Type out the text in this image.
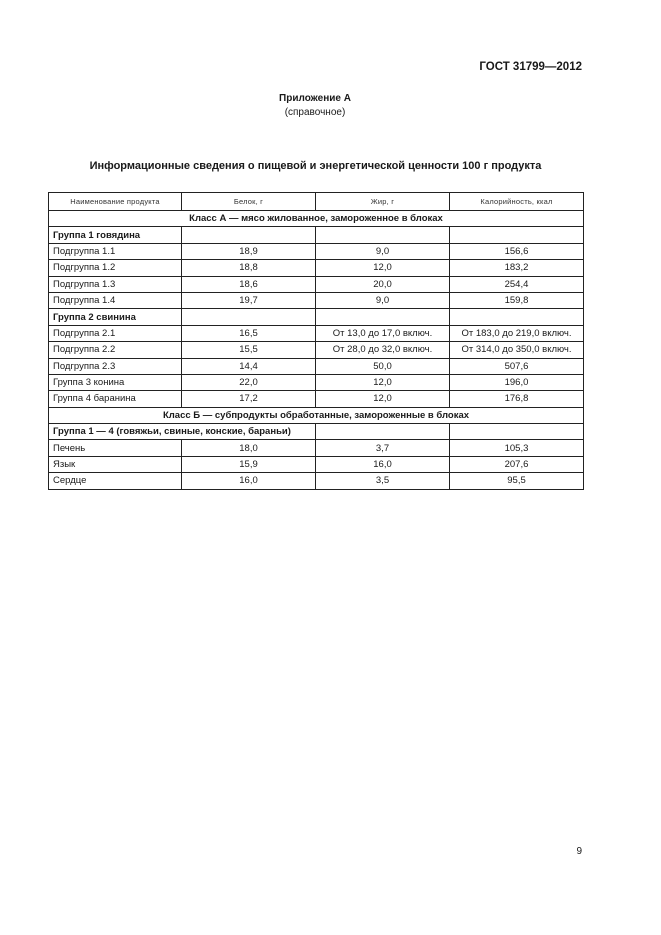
ГОСТ 31799—2012
Приложение А
(справочное)
Информационные сведения о пищевой и энергетической ценности 100 г продукта
Наименование продукта	Белок, г	Жир, г	Калорийность, ккал
Класс А — мясо жилованное, замороженное в блоках			
Группа 1 говядина			
Подгруппа 1.1	18,9	9,0	156,6
Подгруппа 1.2	18,8	12,0	183,2
Подгруппа 1.3	18,6	20,0	254,4
Подгруппа 1.4	19,7	9,0	159,8
Группа 2 свинина			
Подгруппа 2.1	16,5	От 13,0 до 17,0 включ.	От 183,0 до 219,0 включ.
Подгруппа 2.2	15,5	От 28,0 до 32,0 включ.	От 314,0 до 350,0 включ.
Подгруппа 2.3	14,4	50,0	507,6
Группа 3 конина	22,0	12,0	196,0
Группа 4 баранина	17,2	12,0	176,8
Класс Б — субпродукты обработанные, замороженные в блоках			
Группа 1 — 4 (говяжьи, свиные, конские, бараньи)			
Печень	18,0	3,7	105,3
Язык	15,9	16,0	207,6
Сердце	16,0	3,5	95,5
9
